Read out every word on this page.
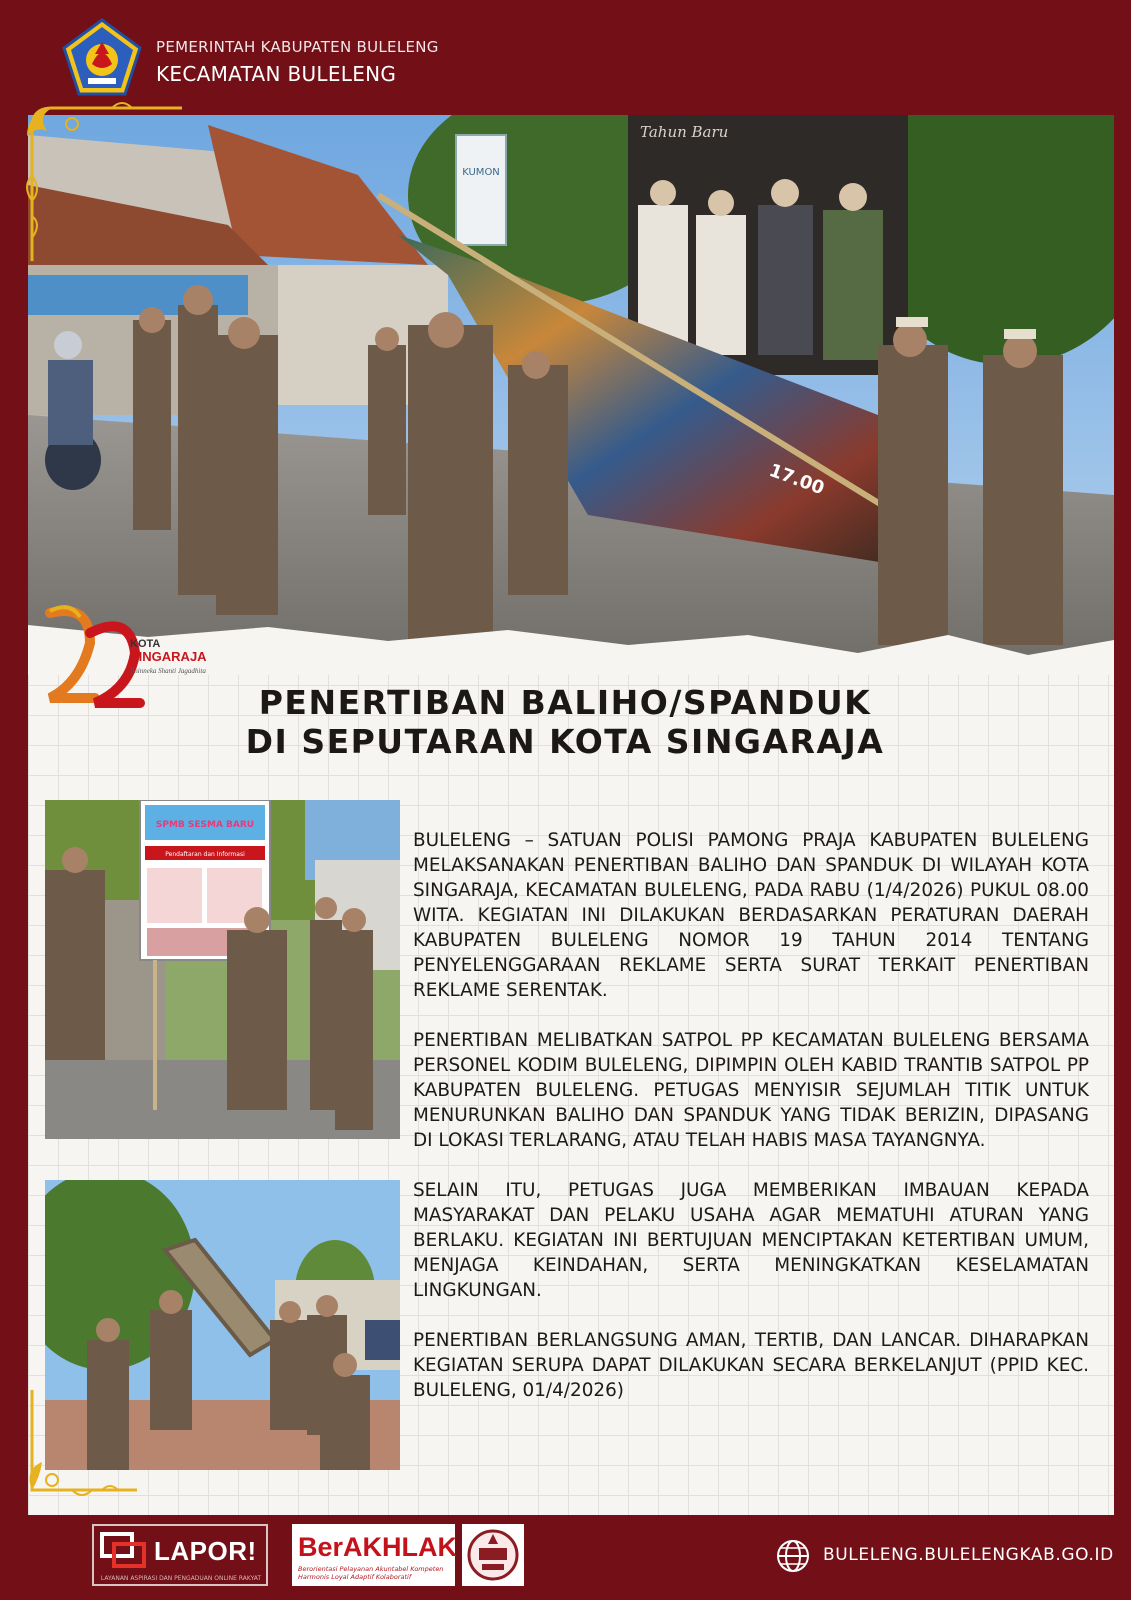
PEMERINTAH KABUPATEN BULELENG
KECAMATAN BULELENG
KUMON
Tahun Baru
17.00
KOTA
SINGARAJA
Bhinneka Shanti Jagadhita
PENERTIBAN BALIHO/SPANDUK
DI SEPUTARAN KOTA SINGARAJA
SPMB SESMA BARU
Pendaftaran dan Informasi

BULELENG – SATUAN POLISI PAMONG PRAJA KABUPATEN BULELENG MELAKSANAKAN PENERTIBAN BALIHO DAN SPANDUK DI WILAYAH KOTA SINGARAJA, KECAMATAN BULELENG, PADA RABU (1/4/2026) PUKUL 08.00 WITA. KEGIATAN INI DILAKUKAN BERDASARKAN PERATURAN DAERAH KABUPATEN BULELENG NOMOR 19 TAHUN 2014 TENTANG PENYELENGGARAAN REKLAME SERTA SURAT TERKAIT PENERTIBAN REKLAME SERENTAK.

PENERTIBAN MELIBATKAN SATPOL PP KECAMATAN BULELENG BERSAMA PERSONEL KODIM BULELENG, DIPIMPIN OLEH KABID TRANTIB SATPOL PP KABUPATEN BULELENG. PETUGAS MENYISIR SEJUMLAH TITIK UNTUK MENURUNKAN BALIHO DAN SPANDUK YANG TIDAK BERIZIN, DIPASANG DI LOKASI TERLARANG, ATAU TELAH HABIS MASA TAYANGNYA.

SELAIN ITU, PETUGAS JUGA MEMBERIKAN IMBAUAN KEPADA MASYARAKAT DAN PELAKU USAHA AGAR MEMATUHI ATURAN YANG BERLAKU. KEGIATAN INI BERTUJUAN MENCIPTAKAN KETERTIBAN UMUM, MENJAGA KEINDAHAN, SERTA MENINGKATKAN KESELAMATAN LINGKUNGAN.

PENERTIBAN BERLANGSUNG AMAN, TERTIB, DAN LANCAR. DIHARAPKAN KEGIATAN SERUPA DAPAT DILAKUKAN SECARA BERKELANJUT (PPID KEC. BULELENG, 01/4/2026)

LAPOR!
LAYANAN ASPIRASI DAN PENGADUAN ONLINE RAKYAT
BerAKHLAK
Berorientasi Pelayanan Akuntabel Kompeten Harmonis Loyal Adaptif Kolaboratif
BULELENG.BULELENGKAB.GO.ID
